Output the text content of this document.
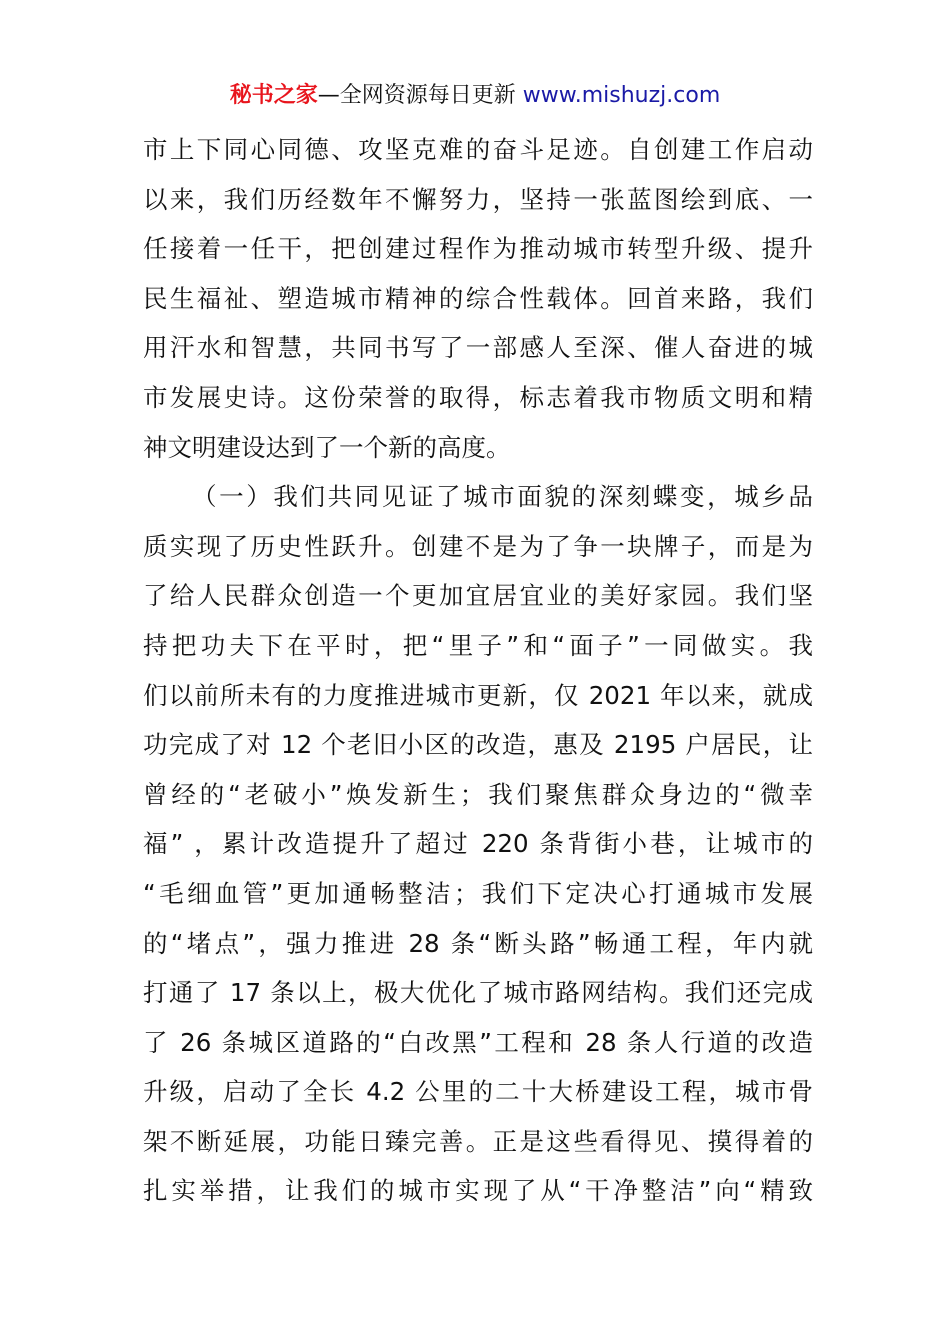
秘书之家—全网资源每日更新 www.mishuzj.com
市上下同心同德、攻坚克难的奋斗足迹。自创建工作启动
以来，我们历经数年不懈努力，坚持一张蓝图绘到底、一
任接着一任干，把创建过程作为推动城市转型升级、提升
民生福祉、塑造城市精神的综合性载体。回首来路，我们
用汗水和智慧，共同书写了一部感人至深、催人奋进的城
市发展史诗。这份荣誉的取得，标志着我市物质文明和精
神文明建设达到了一个新的高度。
（一）我们共同见证了城市面貌的深刻蝶变，城乡品
质实现了历史性跃升。创建不是为了争一块牌子，而是为
了给人民群众创造一个更加宜居宜业的美好家园。我们坚
持把功夫下在平时，把“里子”和“面子”一同做实。我
们以前所未有的力度推进城市更新，仅 2021 年以来，就成
功完成了对 12 个老旧小区的改造，惠及 2195 户居民，让
曾经的“老破小”焕发新生；我们聚焦群众身边的“微幸
福” ，累计改造提升了超过 220 条背街小巷，让城市的
“毛细血管”更加通畅整洁；我们下定决心打通城市发展
的“堵点”，强力推进 28 条“断头路”畅通工程，年内就
打通了 17 条以上，极大优化了城市路网结构。我们还完成
了 26 条城区道路的“白改黑”工程和 28 条人行道的改造
升级，启动了全长 4.2 公里的二十大桥建设工程，城市骨
架不断延展，功能日臻完善。正是这些看得见、摸得着的
扎实举措，让我们的城市实现了从“干净整洁”向“精致
